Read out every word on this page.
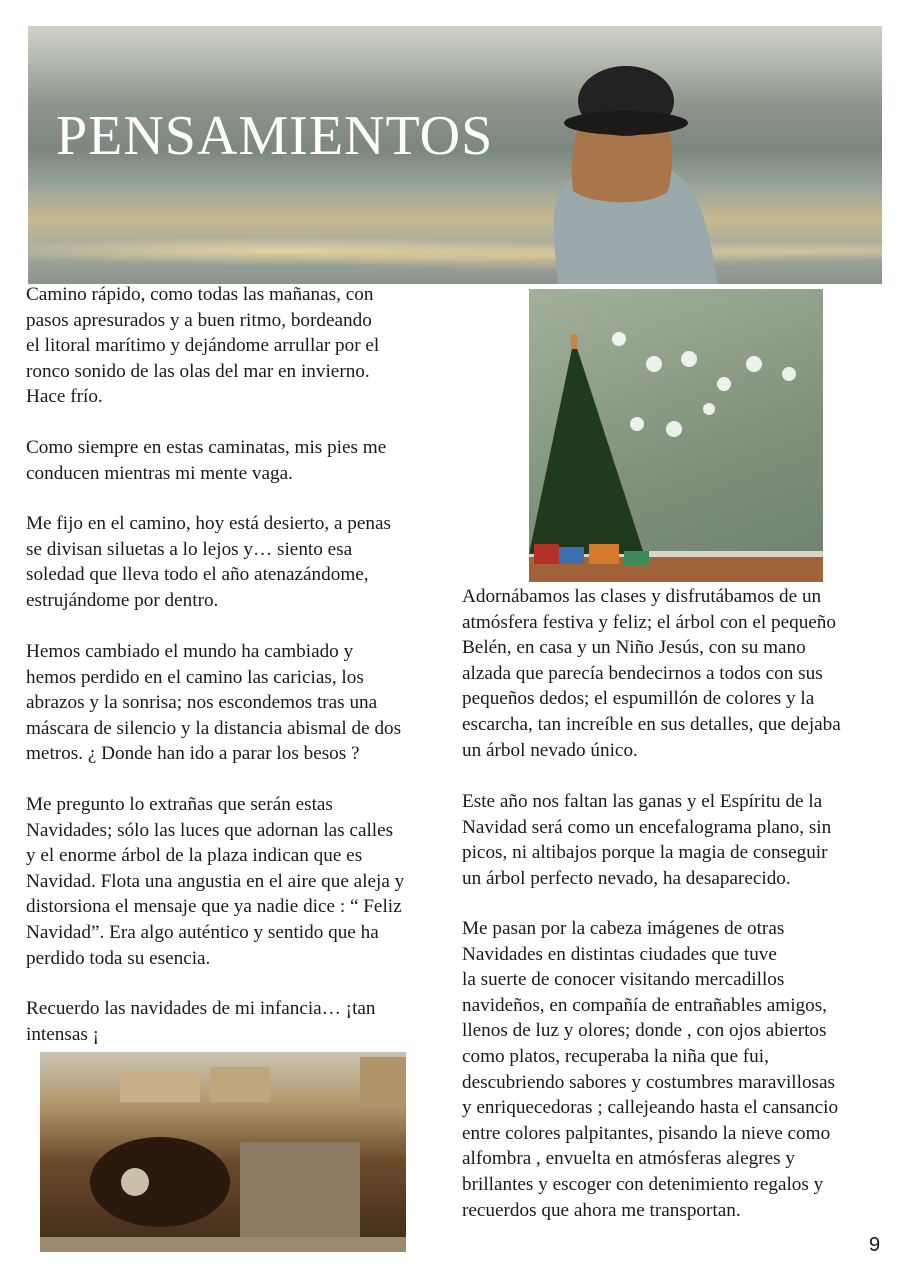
PENSAMIENTOS

Camino rápido, como todas las mañanas, con
pasos apresurados y a buen ritmo, bordeando
el litoral marítimo y dejándome arrullar por el
ronco sonido de las olas del mar en invierno.
Hace frío.

Como siempre en estas caminatas, mis pies me
conducen mientras mi mente vaga.

Me fijo en el camino, hoy está desierto, a penas
se divisan siluetas a lo lejos y… siento esa
soledad que lleva todo el año atenazándome,
estrujándome por dentro.

Hemos cambiado el mundo ha cambiado y
hemos perdido en el camino las caricias, los
abrazos y la sonrisa; nos escondemos tras una
máscara de silencio y la distancia abismal de dos
metros. ¿ Donde han ido a parar los besos ?

Me pregunto lo extrañas que serán estas
Navidades; sólo las luces que adornan las calles
y el enorme árbol de la plaza indican que es
Navidad. Flota una angustia en el aire que aleja y
distorsiona el mensaje que ya nadie dice : “ Feliz
Navidad”. Era algo auténtico y sentido que ha
perdido toda su esencia.

Recuerdo las navidades de mi infancia… ¡tan
intensas ¡

Adornábamos las clases y disfrutábamos de un
atmósfera festiva y feliz; el árbol con el pequeño
Belén, en casa y un Niño Jesús, con su mano
alzada que parecía bendecirnos a todos con sus
pequeños dedos; el espumillón de colores y la
escarcha, tan increíble en sus detalles, que dejaba
un árbol nevado único.

Este año nos faltan las ganas y el Espíritu de la
Navidad será como un encefalograma plano, sin
picos, ni altibajos porque la magia de conseguir
un árbol perfecto nevado, ha desaparecido.

Me pasan por la cabeza imágenes de otras
Navidades en distintas ciudades que tuve
la suerte de conocer visitando mercadillos
navideños, en compañía de entrañables amigos,
llenos de luz y olores; donde , con ojos abiertos
como platos, recuperaba la niña que fui,
descubriendo sabores y costumbres maravillosas
y enriquecedoras ; callejeando hasta el cansancio
entre colores palpitantes, pisando la nieve como
alfombra , envuelta en atmósferas alegres y
brillantes y escoger con detenimiento regalos y
recuerdos que ahora me transportan.

9
